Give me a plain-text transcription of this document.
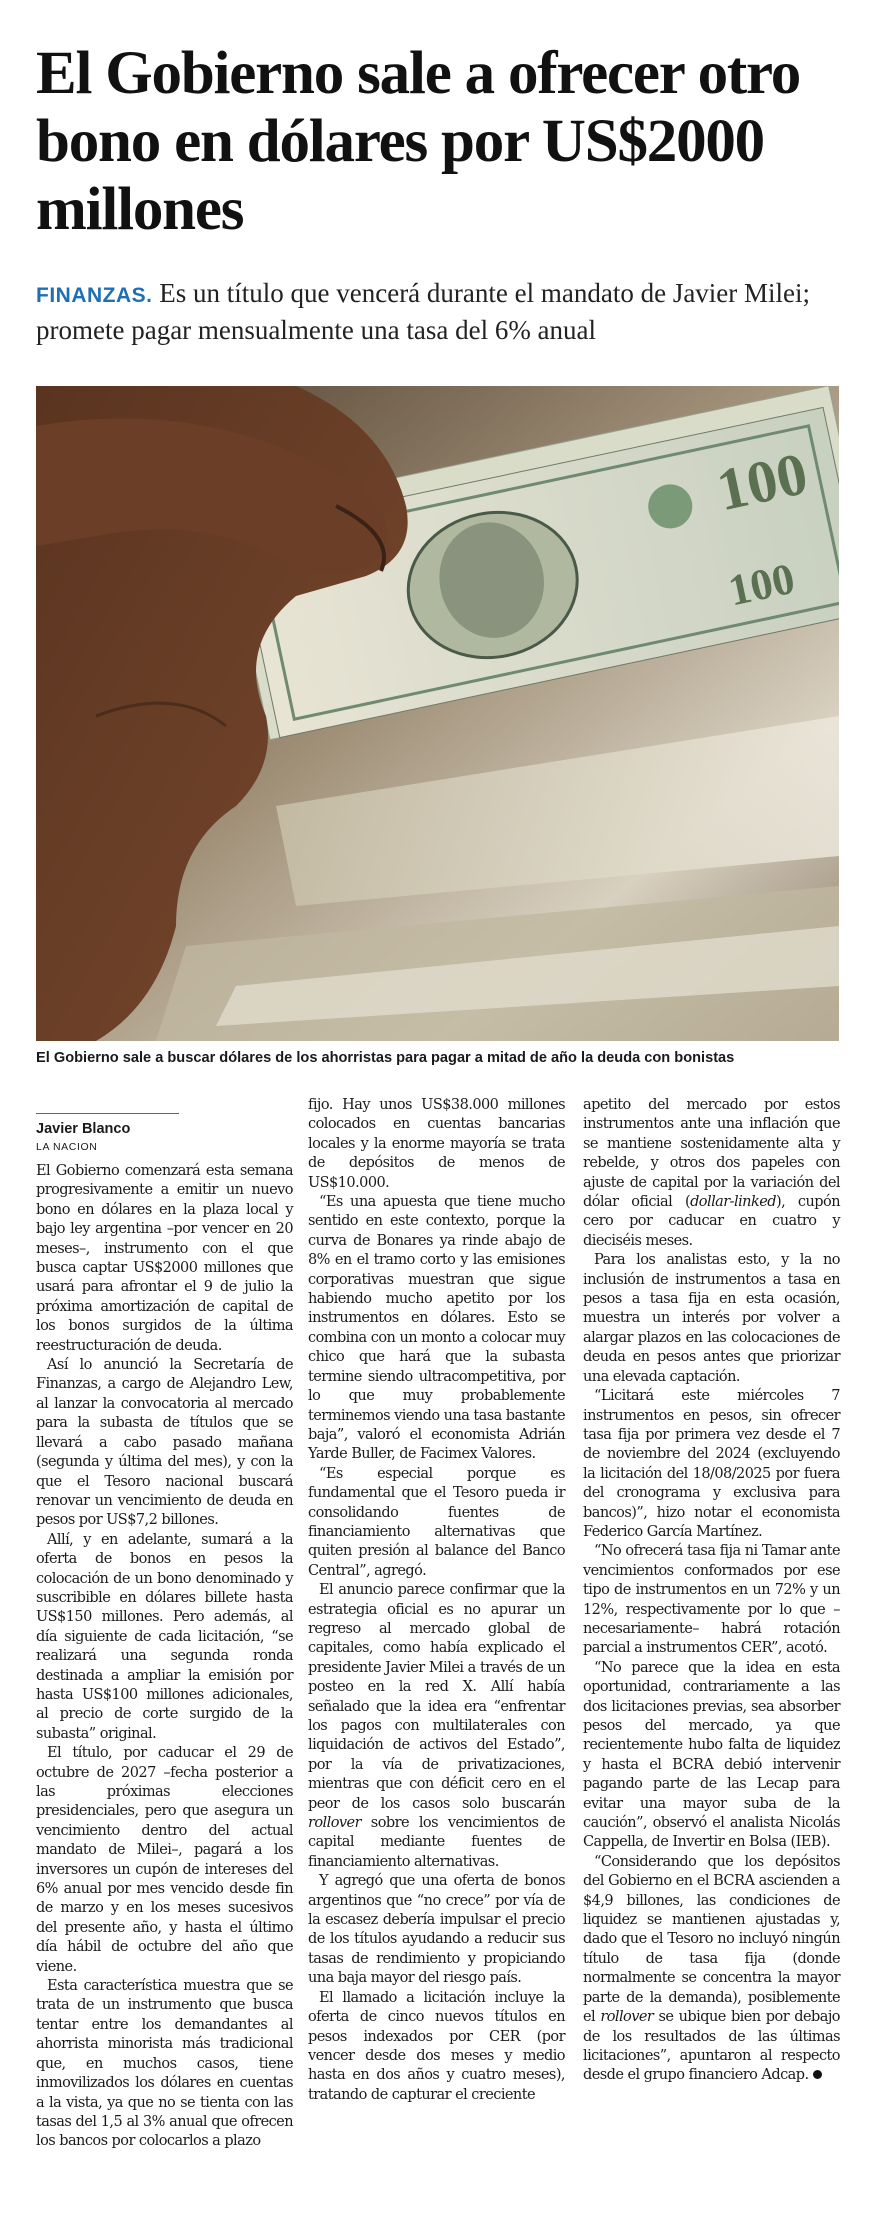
El Gobierno sale a ofrecer otro bono en dólares por US$2000 millones

FINANZAS. Es un título que vencerá durante el mandato de Javier Milei; promete pagar mensualmente una tasa del 6% anual

100
100

El Gobierno sale a buscar dólares de los ahorristas para pagar a mitad de año la deuda con bonistas

Javier Blanco

LA NACION

El Gobierno comenzará esta semana progresivamente a emitir un nuevo bono en dólares en la plaza local y bajo ley argentina –por vencer en 20 meses–, instrumento con el que busca captar US$2000 millones que usará para afrontar el 9 de julio la próxima amortización de capital de los bonos surgidos de la última reestructuración de deuda.

Así lo anunció la Secretaría de Finanzas, a cargo de Alejandro Lew, al lanzar la convocatoria al mercado para la subasta de títulos que se llevará a cabo pasado mañana (segunda y última del mes), y con la que el Tesoro nacional buscará renovar un vencimiento de deuda en pesos por US$7,2 billones.

Allí, y en adelante, sumará a la oferta de bonos en pesos la colocación de un bono denominado y suscribible en dólares billete hasta US$150 millones. Pero además, al día siguiente de cada licitación, “se realizará una segunda ronda destinada a ampliar la emisión por hasta US$100 millones adicionales, al precio de corte surgido de la subasta” original.

El título, por caducar el 29 de octubre de 2027 –fecha posterior a las próximas elecciones presidenciales, pero que asegura un vencimiento dentro del actual mandato de Milei–, pagará a los inversores un cupón de intereses del 6% anual por mes vencido desde fin de marzo y en los meses sucesivos del presente año, y hasta el último día hábil de octubre del año que viene.

Esta característica muestra que se trata de un instrumento que busca tentar entre los demandantes al ahorrista minorista más tradicional que, en muchos casos, tiene inmovilizados los dólares en cuentas a la vista, ya que no se tienta con las tasas del 1,5 al 3% anual que ofrecen los bancos por colocarlos a plazo

fijo. Hay unos US$38.000 millones colocados en cuentas bancarias locales y la enorme mayoría se trata de depósitos de menos de US$10.000.

“Es una apuesta que tiene mucho sentido en este contexto, porque la curva de Bonares ya rinde abajo de 8% en el tramo corto y las emisiones corporativas muestran que sigue habiendo mucho apetito por los instrumentos en dólares. Esto se combina con un monto a colocar muy chico que hará que la subasta termine siendo ultracompetitiva, por lo que muy probablemente terminemos viendo una tasa bastante baja”, valoró el economista Adrián Yarde Buller, de Facimex Valores.

“Es especial porque es fundamental que el Tesoro pueda ir consolidando fuentes de financiamiento alternativas que quiten presión al balance del Banco Central”, agregó.

El anuncio parece confirmar que la estrategia oficial es no apurar un regreso al mercado global de capitales, como había explicado el presidente Javier Milei a través de un posteo en la red X. Allí había señalado que la idea era “enfrentar los pagos con multilaterales con liquidación de activos del Estado”, por la vía de privatizaciones, mientras que con déficit cero en el peor de los casos solo buscarán rollover sobre los vencimientos de capital mediante fuentes de financiamiento alternativas.

Y agregó que una oferta de bonos argentinos que “no crece” por vía de la escasez debería impulsar el precio de los títulos ayudando a reducir sus tasas de rendimiento y propiciando una baja mayor del riesgo país.

El llamado a licitación incluye la oferta de cinco nuevos títulos en pesos indexados por CER (por vencer desde dos meses y medio hasta en dos años y cuatro meses), tratando de capturar el creciente

apetito del mercado por estos instrumentos ante una inflación que se mantiene sostenidamente alta y rebelde, y otros dos papeles con ajuste de capital por la variación del dólar oficial (dollar-linked), cupón cero por caducar en cuatro y dieciséis meses.

Para los analistas esto, y la no inclusión de instrumentos a tasa en pesos a tasa fija en esta ocasión, muestra un interés por volver a alargar plazos en las colocaciones de deuda en pesos antes que priorizar una elevada captación.

“Licitará este miércoles 7 instrumentos en pesos, sin ofrecer tasa fija por primera vez desde el 7 de noviembre del 2024 (excluyendo la licitación del 18/08/2025 por fuera del cronograma y exclusiva para bancos)”, hizo notar el economista Federico García Martínez.

“No ofrecerá tasa fija ni Tamar ante vencimientos conformados por ese tipo de instrumentos en un 72% y un 12%, respectivamente por lo que –necesariamente– habrá rotación parcial a instrumentos CER”, acotó.

“No parece que la idea en esta oportunidad, contrariamente a las dos licitaciones previas, sea absorber pesos del mercado, ya que recientemente hubo falta de liquidez y hasta el BCRA debió intervenir pagando parte de las Lecap para evitar una mayor suba de la caución”, observó el analista Nicolás Cappella, de Invertir en Bolsa (IEB).

“Considerando que los depósitos del Gobierno en el BCRA ascienden a $4,9 billones, las condiciones de liquidez se mantienen ajustadas y, dado que el Tesoro no incluyó ningún título de tasa fija (donde normalmente se concentra la mayor parte de la demanda), posiblemente el rollover se ubique bien por debajo de los resultados de las últimas licitaciones”, apuntaron al respecto desde el grupo financiero Adcap.
